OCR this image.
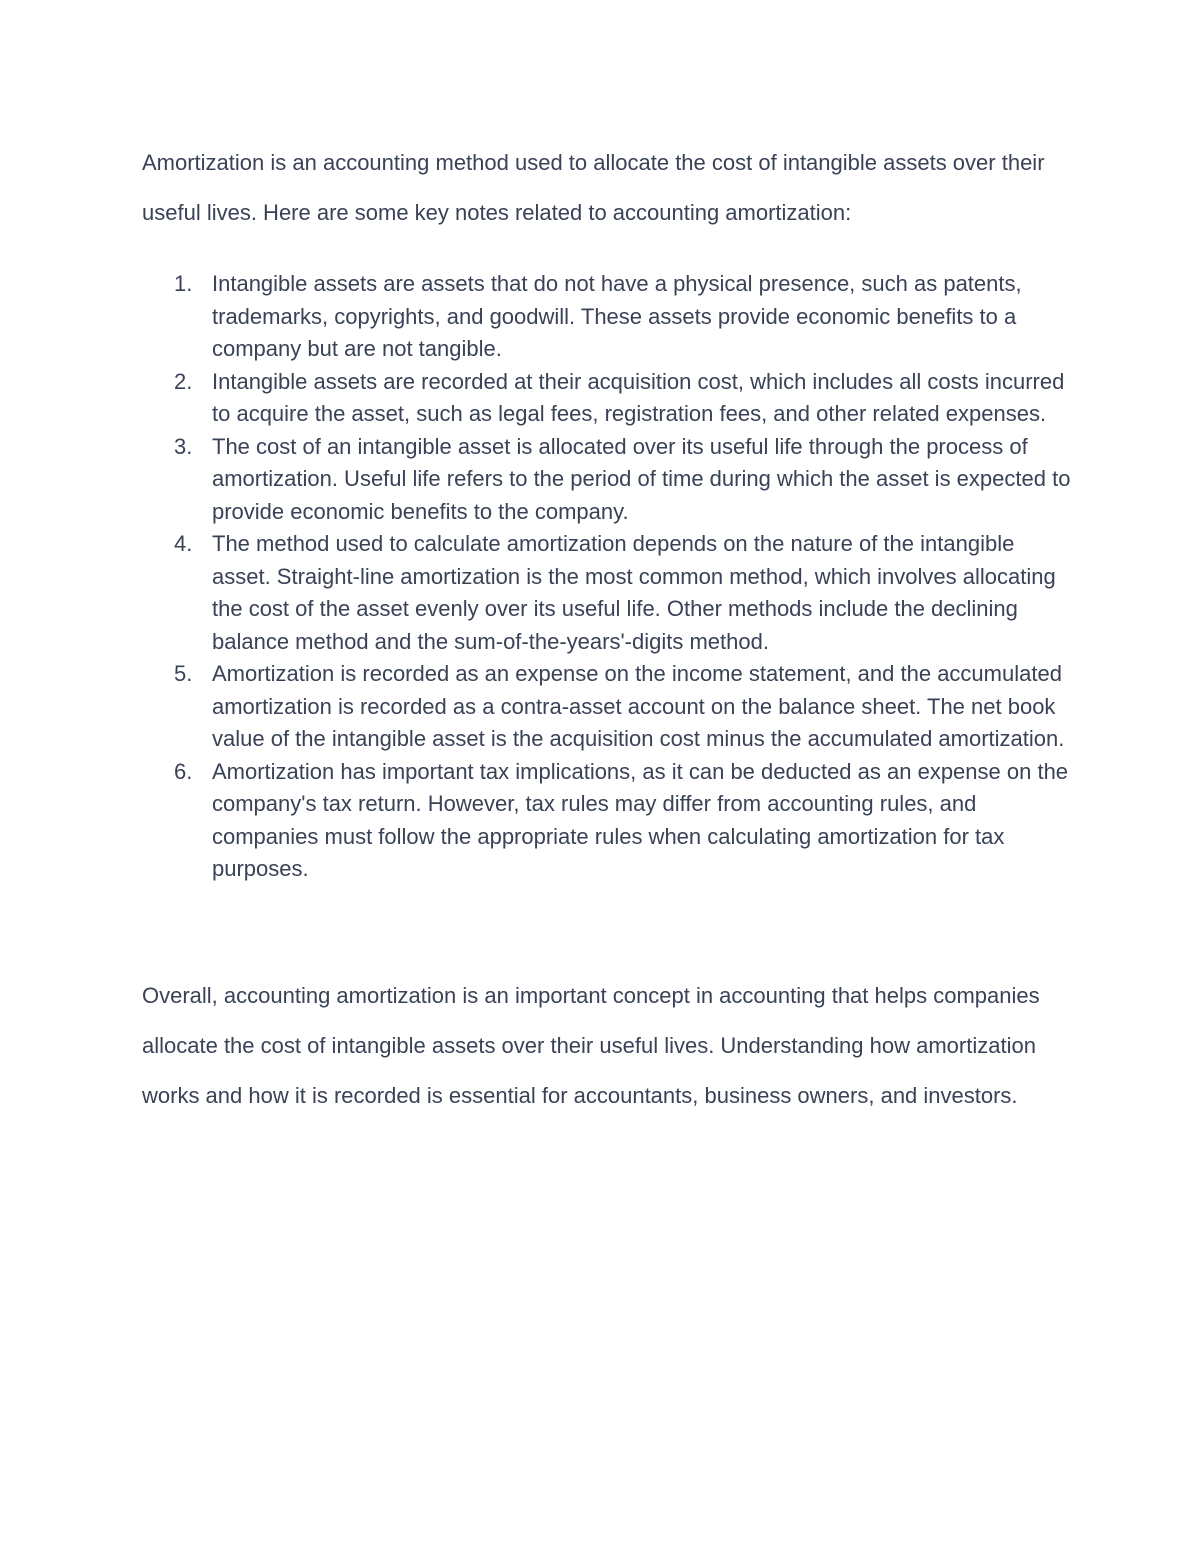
Amortization is an accounting method used to allocate the cost of intangible assets over their useful lives. Here are some key notes related to accounting amortization:

1. Intangible assets are assets that do not have a physical presence, such as patents, trademarks, copyrights, and goodwill. These assets provide economic benefits to a company but are not tangible.
2. Intangible assets are recorded at their acquisition cost, which includes all costs incurred to acquire the asset, such as legal fees, registration fees, and other related expenses.
3. The cost of an intangible asset is allocated over its useful life through the process of amortization. Useful life refers to the period of time during which the asset is expected to provide economic benefits to the company.
4. The method used to calculate amortization depends on the nature of the intangible asset. Straight-line amortization is the most common method, which involves allocating the cost of the asset evenly over its useful life. Other methods include the declining balance method and the sum-of-the-years'-digits method.
5. Amortization is recorded as an expense on the income statement, and the accumulated amortization is recorded as a contra-asset account on the balance sheet. The net book value of the intangible asset is the acquisition cost minus the accumulated amortization.
6. Amortization has important tax implications, as it can be deducted as an expense on the company's tax return. However, tax rules may differ from accounting rules, and companies must follow the appropriate rules when calculating amortization for tax purposes.

Overall, accounting amortization is an important concept in accounting that helps companies allocate the cost of intangible assets over their useful lives. Understanding how amortization works and how it is recorded is essential for accountants, business owners, and investors.
